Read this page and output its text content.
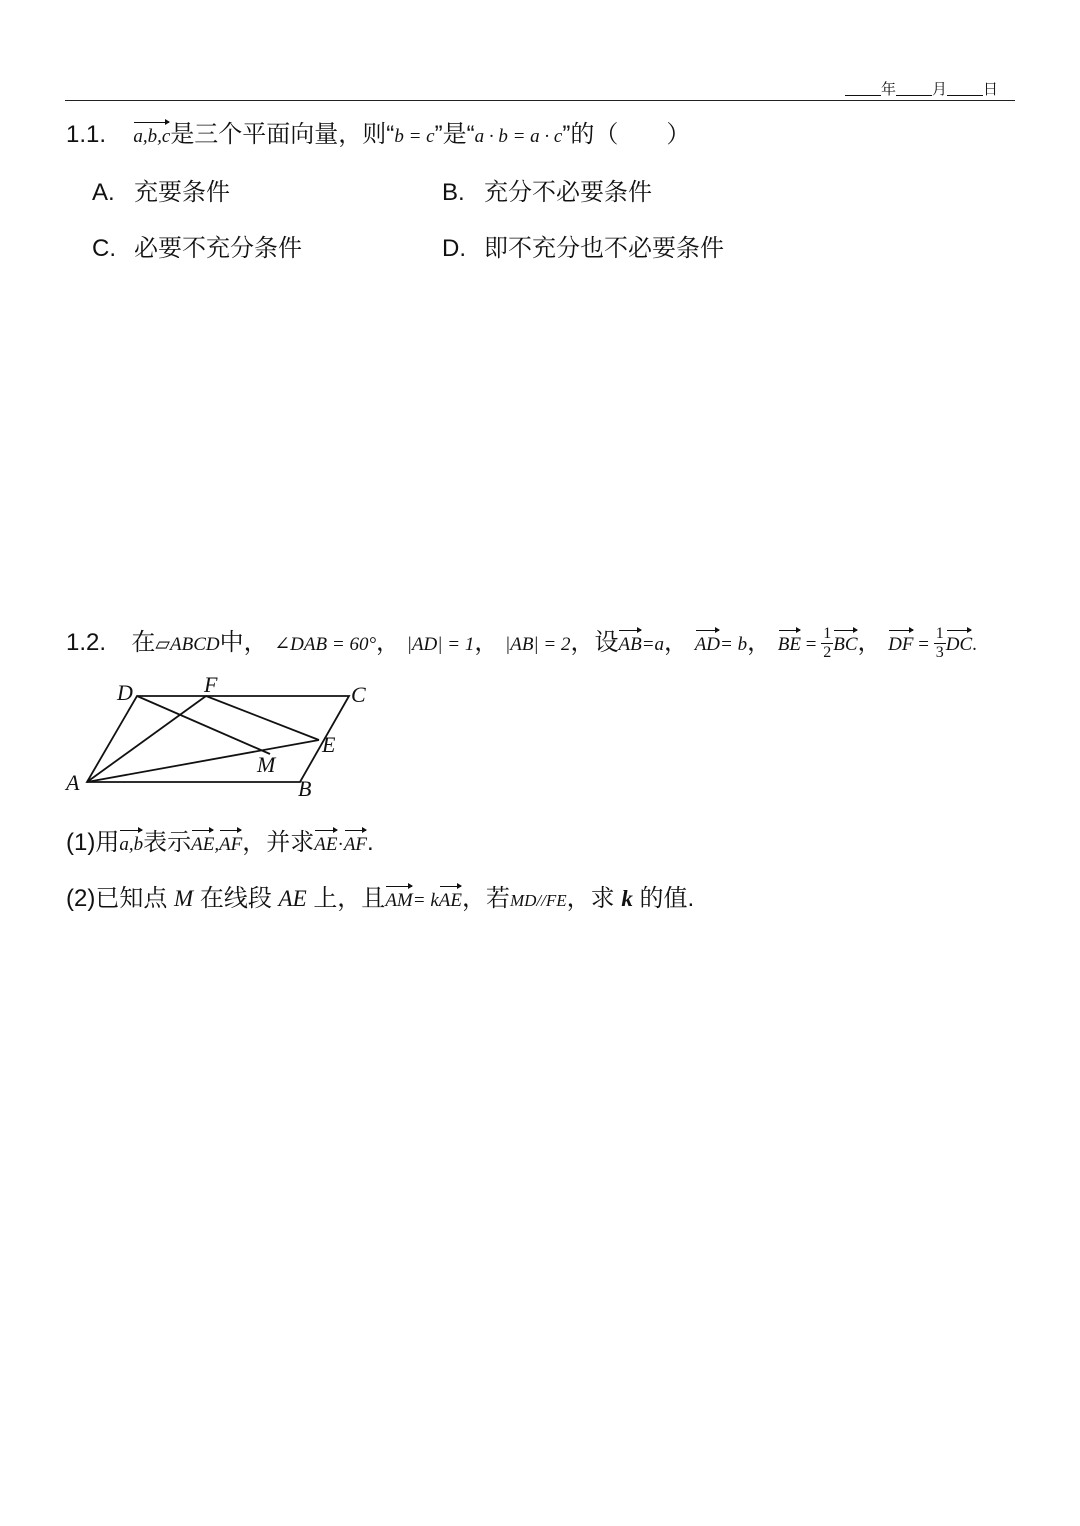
年 月 日
1.1. a,b,c是三个平面向量，则“b = c”是“a · b = a · c”的（　　）
A. 充要条件	B. 充分不必要条件
C. 必要不充分条件	D. 即不充分也不必要条件
1.2. 在▱ABCD中， ∠DAB = 60°， |AD| = 1， |AB| = 2，设AB=a， AD= b， BE = $\frac{1}{2}$ BC， DF = $\frac{1}{3}$ DC.
A	B
C
D
E
F
M
(1)用a,b表示AE,AF，并求AE·AF.
(2)已知点 M 在线段 AE 上，且AM= kAE，若MD//FE，求 k 的值.
